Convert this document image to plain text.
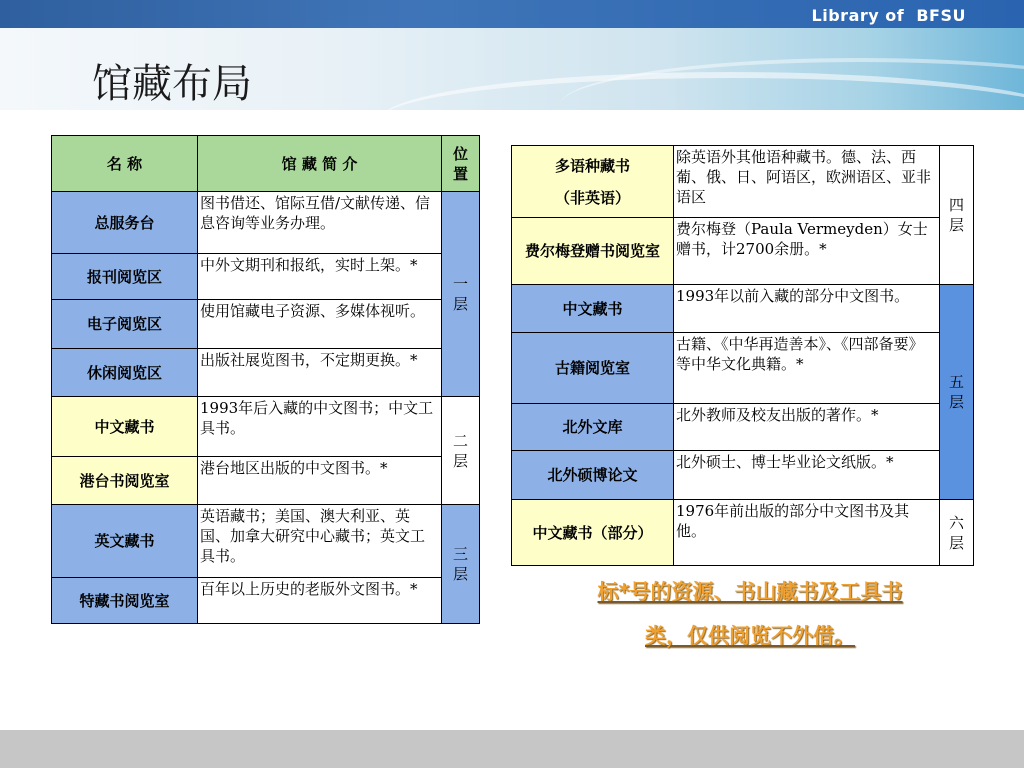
Library of  BFSU
馆藏布局
名 称	馆 藏 简 介	位置
总服务台	图书借还、馆际互借/文献传递、信息咨询等业务办理。	一层
报刊阅览区	中外文期刊和报纸，实时上架。*	
电子阅览区	使用馆藏电子资源、多媒体视听。	
休闲阅览区	出版社展览图书，不定期更换。*	
中文藏书	1993年后入藏的中文图书；中文工具书。	二层
港台书阅览室	港台地区出版的中文图书。*	
英文藏书	英语藏书；美国、澳大利亚、英国、加拿大研究中心藏书；英文工具书。	三层
特藏书阅览室	百年以上历史的老版外文图书。*	
多语种藏书
（非英语）	除英语外其他语种藏书。德、法、西葡、俄、日、阿语区，欧洲语区、亚非语区	四层
费尔梅登赠书阅览室	费尔梅登（Paula Vermeyden）女士赠书，计2700余册。*	
中文藏书	1993年以前入藏的部分中文图书。	五层
古籍阅览室	古籍、《中华再造善本》、《四部备要》等中华文化典籍。*	
北外文库	北外教师及校友出版的著作。*	
北外硕博论文	北外硕士、博士毕业论文纸版。*	
中文藏书（部分）	1976年前出版的部分中文图书及其他。	六层
标*号的资源、书山藏书及工具书
类，仅供阅览不外借。
